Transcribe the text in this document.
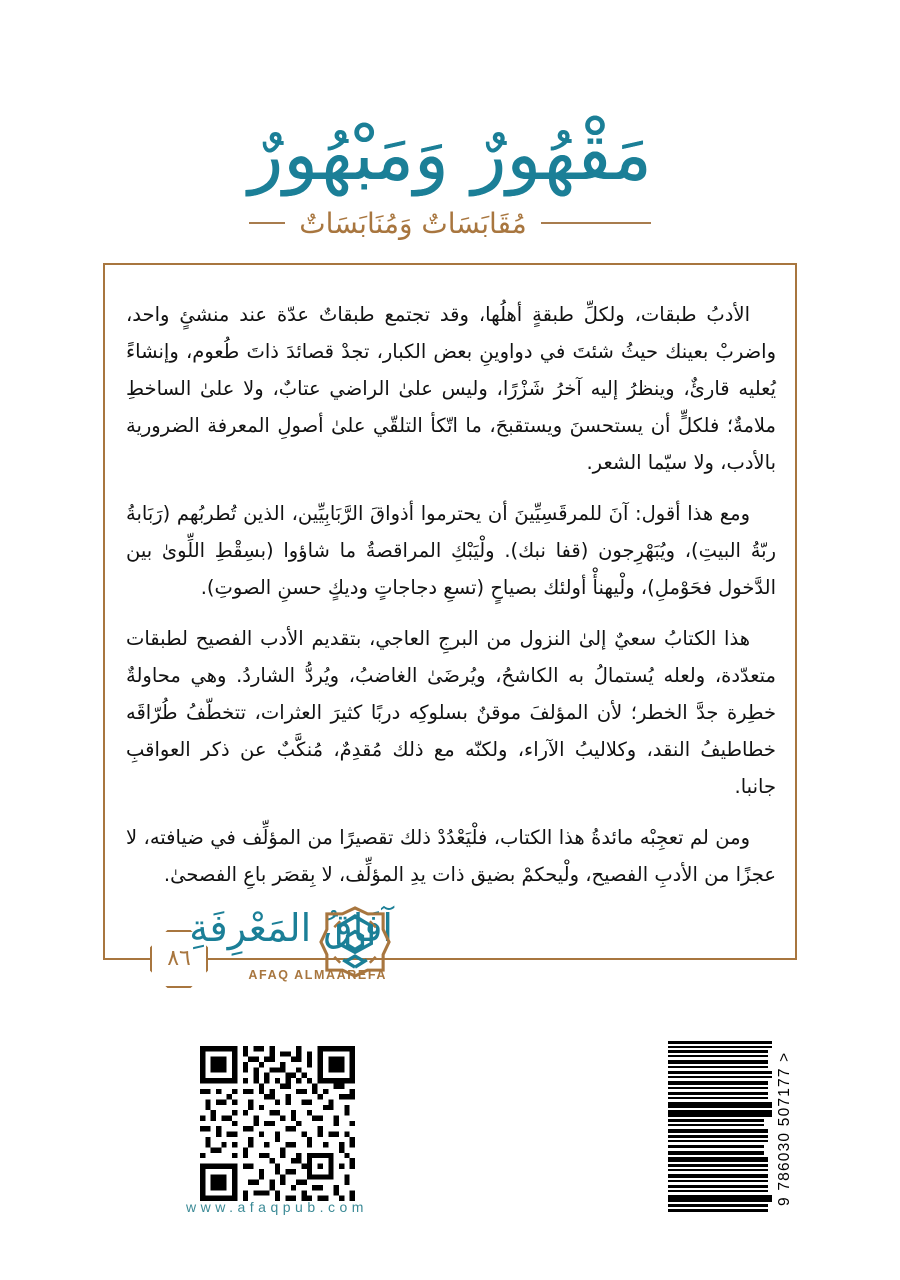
مَقْهُورٌ وَمَبْهُورٌ
مُقَابَسَاتٌ وَمُنَابَسَاتٌ

الأدبُ طبقات، ولكلِّ طبقةٍ أهلُها، وقد تجتمع طبقاتٌ عدّة عند منشئٍ واحد، واضربْ بعينك حيثُ شئتَ في دواوينِ بعض الكبار، تجدْ قصائدَ ذاتَ طُعوم، وإنشاءً يُعليه قارئٌ، وينظرُ إليه آخرُ شَزْرًا، وليس علىٰ الراضي عتابٌ، ولا علىٰ الساخطِ ملامةٌ؛ فلكلٍّ أن يستحسنَ ويستقبحَ، ما اتّكأ التلقّي علىٰ أصولِ المعرفة الضرورية بالأدب، ولا سيّما الشعر.

ومع هذا أقول: آنَ للمرقَسِيِّينَ أن يحترموا أذواقَ الرَّبَابِيِّين، الذين تُطربُهم (رَبَابةُ ربّةُ البيتِ)، ويُبَهْرِجون (قفا نبك). ولْيَبْكِ المراقصةُ ما شاؤوا (بسِقْطِ اللِّوىٰ بين الدَّخول فحَوْملِ)، ولْيهنأْ أولئك بصياحٍ (تسعِ دجاجاتٍ وديكٍ حسنِ الصوتِ).

هذا الكتابُ سعيٌ إلىٰ النزول من البرجِ العاجي، بتقديم الأدب الفصيح لطبقات متعدّدة، ولعله يُستمالُ به الكاشحُ، ويُرضَىٰ الغاضبُ، ويُردُّ الشاردُ. وهي محاولةٌ خطِرة جدَّ الخطر؛ لأن المؤلفَ موقنٌ بسلوكِه دربًا كثيرَ العثرات، تتخطّفُ طُرّاقَه خطاطيفُ النقد، وكلاليبُ الآراء، ولكنّه مع ذلك مُقدِمٌ، مُنكَّبٌ عن ذكر العواقبِ جانبا.

ومن لم تعجِبْه مائدةُ هذا الكتاب، فلْيَعْدُدْ ذلك تقصيرًا من المؤلِّف في ضيافته، لا عجزًا من الأدبِ الفصيح، ولْيحكمْ بضيق ذات يدِ المؤلِّف، لا بِقصَر باعِ الفصحىٰ.

٨٦
آفَاقُ المَعْرِفَةِ
AFAQ ALMAAREFA
www.afaqpub.com
9 786030 507177 >
